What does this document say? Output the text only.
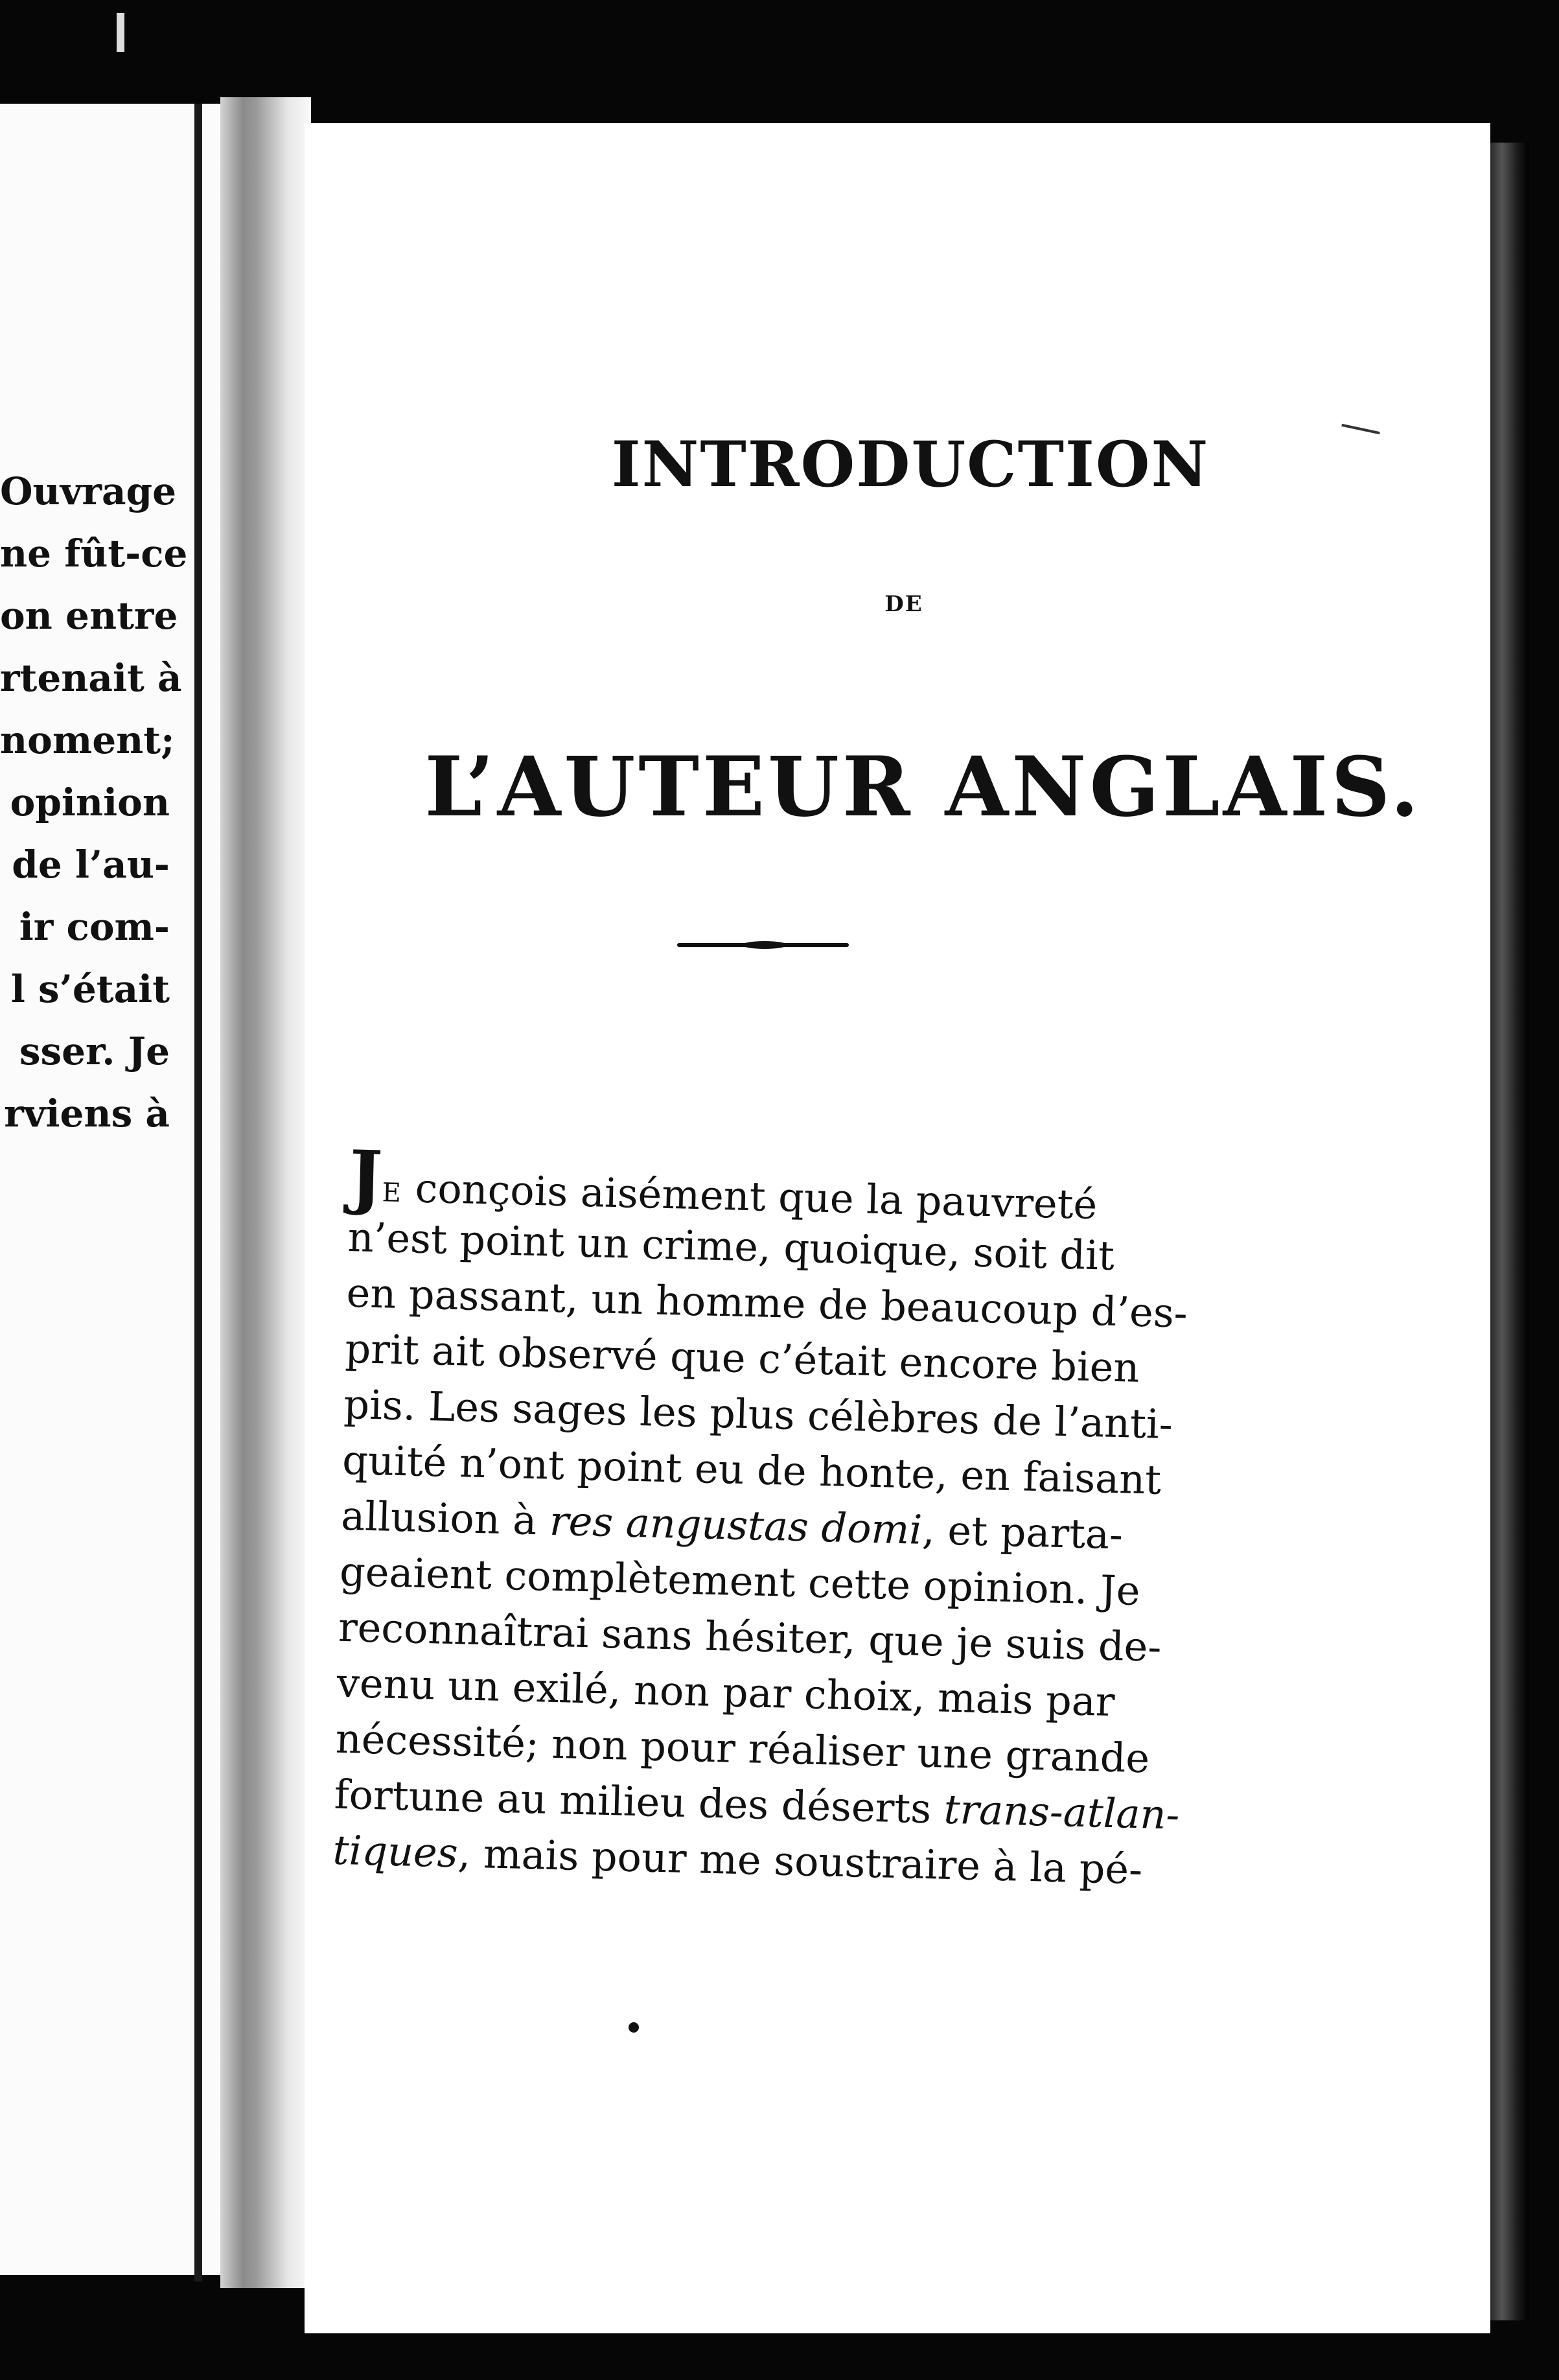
Ouvrage
ne fût-ce
on entre
rtenait à
noment;
opinion
de l’au-
ir com-
l s’était
sser. Je
rviens à
INTRODUCTION
DE
L’AUTEUR ANGLAIS.
JE conçois aisément que la pauvreté
n’est point un crime, quoique, soit dit
en passant, un homme de beaucoup d’es-
prit ait observé que c’était encore bien
pis. Les sages les plus célèbres de l’anti-
quité n’ont point eu de honte, en faisant
allusion à res angustas domi, et parta-
geaient complètement cette opinion. Je
reconnaîtrai sans hésiter, que je suis de-
venu un exilé, non par choix, mais par
nécessité; non pour réaliser une grande
fortune au milieu des déserts trans-atlan-
tiques, mais pour me soustraire à la pé-
